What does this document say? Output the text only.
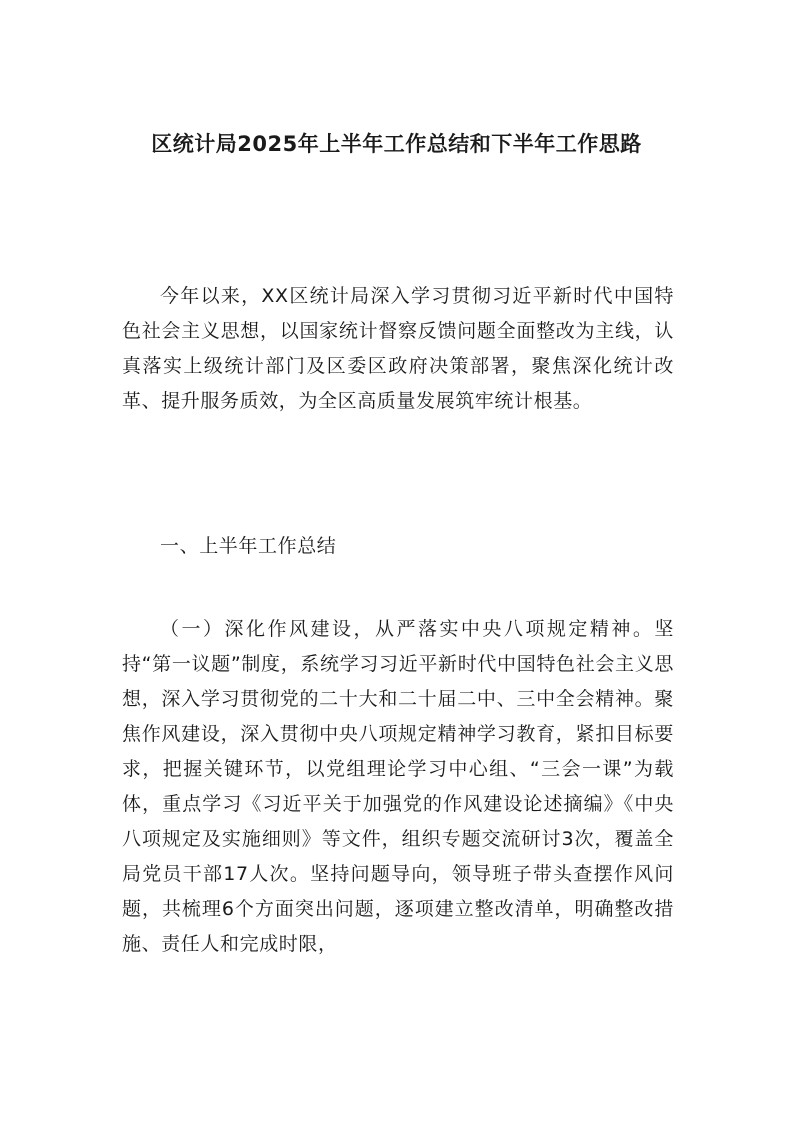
区统计局2025年上半年工作总结和下半年工作思路
今年以来，XX区统计局深入学习贯彻习近平新时代中国特色社会主义思想，以国家统计督察反馈问题全面整改为主线，认真落实上级统计部门及区委区政府决策部署，聚焦深化统计改革、提升服务质效，为全区高质量发展筑牢统计根基。
一、上半年工作总结
（一）深化作风建设，从严落实中央八项规定精神。坚持“第一议题”制度，系统学习习近平新时代中国特色社会主义思想，深入学习贯彻党的二十大和二十届二中、三中全会精神。聚焦作风建设，深入贯彻中央八项规定精神学习教育，紧扣目标要求，把握关键环节，以党组理论学习中心组、“三会一课”为载体，重点学习《习近平关于加强党的作风建设论述摘编》《中央八项规定及实施细则》等文件，组织专题交流研讨3次，覆盖全局党员干部17人次。坚持问题导向，领导班子带头查摆作风问题，共梳理6个方面突出问题，逐项建立整改清单，明确整改措施、责任人和完成时限，
